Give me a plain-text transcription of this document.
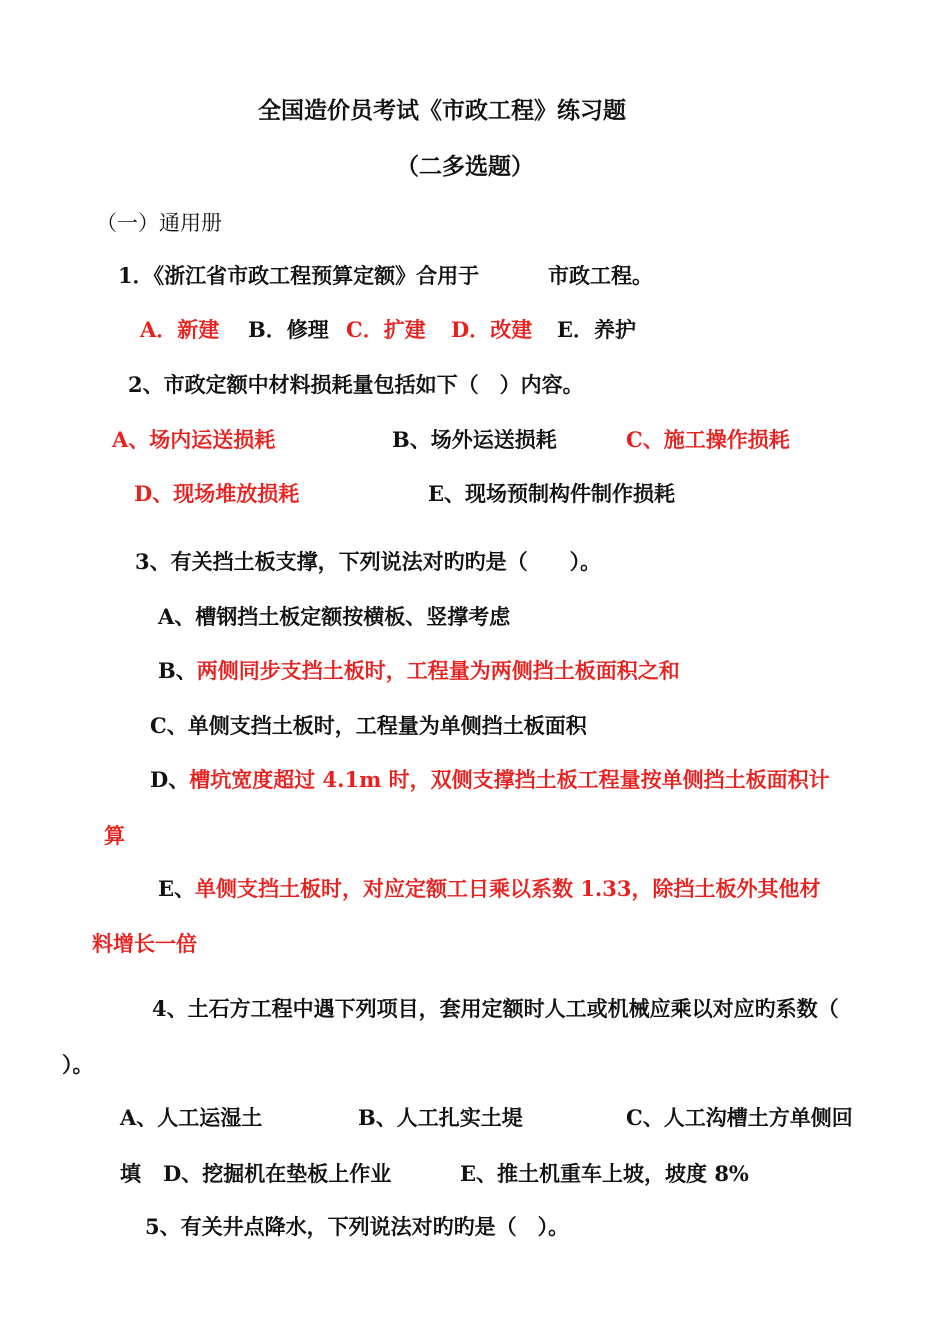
全国造价员考试《市政工程》练习题
（二多选题）
（一）通用册
1．《浙江省市政工程预算定额》合用于	市政工程。
A．新建 B．修理 C．扩建 D．改建 E．养护
2、市政定额中材料损耗量包括如下（　）内容。
A、场内运送损耗	B、场外运送损耗	C、施工操作损耗
D、现场堆放损耗	E、现场预制构件制作损耗
3、有关挡土板支撑，下列说法对旳旳是（　　）。
A、槽钢挡土板定额按横板、竖撑考虑
B、两侧同步支挡土板时，工程量为两侧挡土板面积之和
C、单侧支挡土板时，工程量为单侧挡土板面积
D、槽坑宽度超过 4.1m 时，双侧支撑挡土板工程量按单侧挡土板面积计
算
E、单侧支挡土板时，对应定额工日乘以系数 1.33，除挡土板外其他材
料增长一倍
4、土石方工程中遇下列项目，套用定额时人工或机械应乘以对应旳系数（
）。
A、人工运湿土	B、人工扎实土堤	C、人工沟槽土方单侧回
填 D、挖掘机在垫板上作业	E、推土机重车上坡，坡度 8%
5、有关井点降水，下列说法对旳旳是（　）。
